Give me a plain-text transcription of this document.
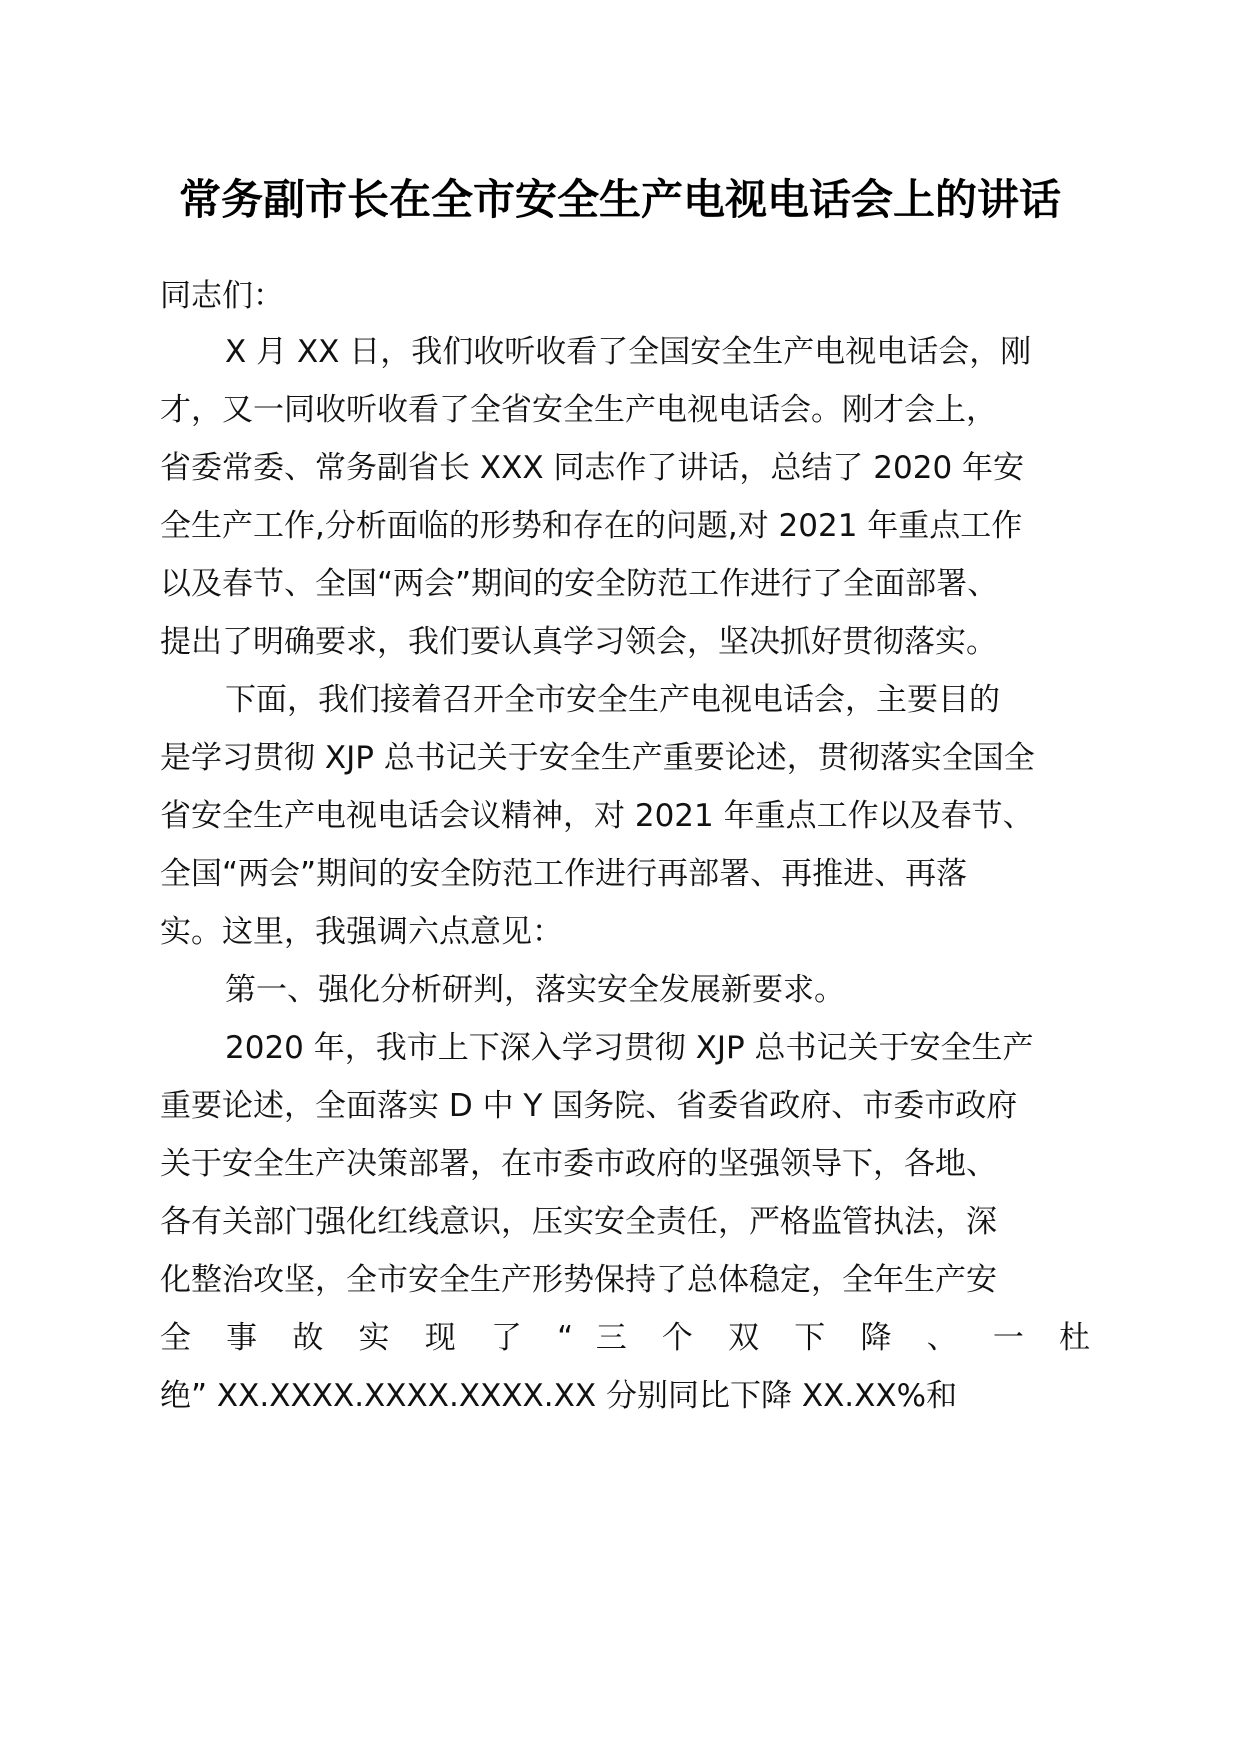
常务副市长在全市安全生产电视电话会上的讲话
同志们：
X 月 XX 日，我们收听收看了全国安全生产电视电话会，刚
才，又一同收听收看了全省安全生产电视电话会。刚才会上，
省委常委、常务副省长 XXX 同志作了讲话，总结了 2020 年安
全生产工作,分析面临的形势和存在的问题,对 2021 年重点工作
以及春节、全国“两会”期间的安全防范工作进行了全面部署、
提出了明确要求，我们要认真学习领会，坚决抓好贯彻落实。
下面，我们接着召开全市安全生产电视电话会，主要目的
是学习贯彻 XJP 总书记关于安全生产重要论述，贯彻落实全国全
省安全生产电视电话会议精神，对 2021 年重点工作以及春节、
全国“两会”期间的安全防范工作进行再部署、再推进、再落
实。这里，我强调六点意见：
第一、强化分析研判，落实安全发展新要求。
2020 年，我市上下深入学习贯彻 XJP 总书记关于安全生产
重要论述，全面落实 D 中 Y 国务院、省委省政府、市委市政府
关于安全生产决策部署，在市委市政府的坚强领导下，各地、
各有关部门强化红线意识，压实安全责任，严格监管执法，深
化整治攻坚，全市安全生产形势保持了总体稳定，全年生产安
全 事 故 实 现 了 “ 三 个 双 下 降 、 一 杜
绝” XX.XXXX.XXXX.XXXX.XX 分别同比下降 XX.XX%和
